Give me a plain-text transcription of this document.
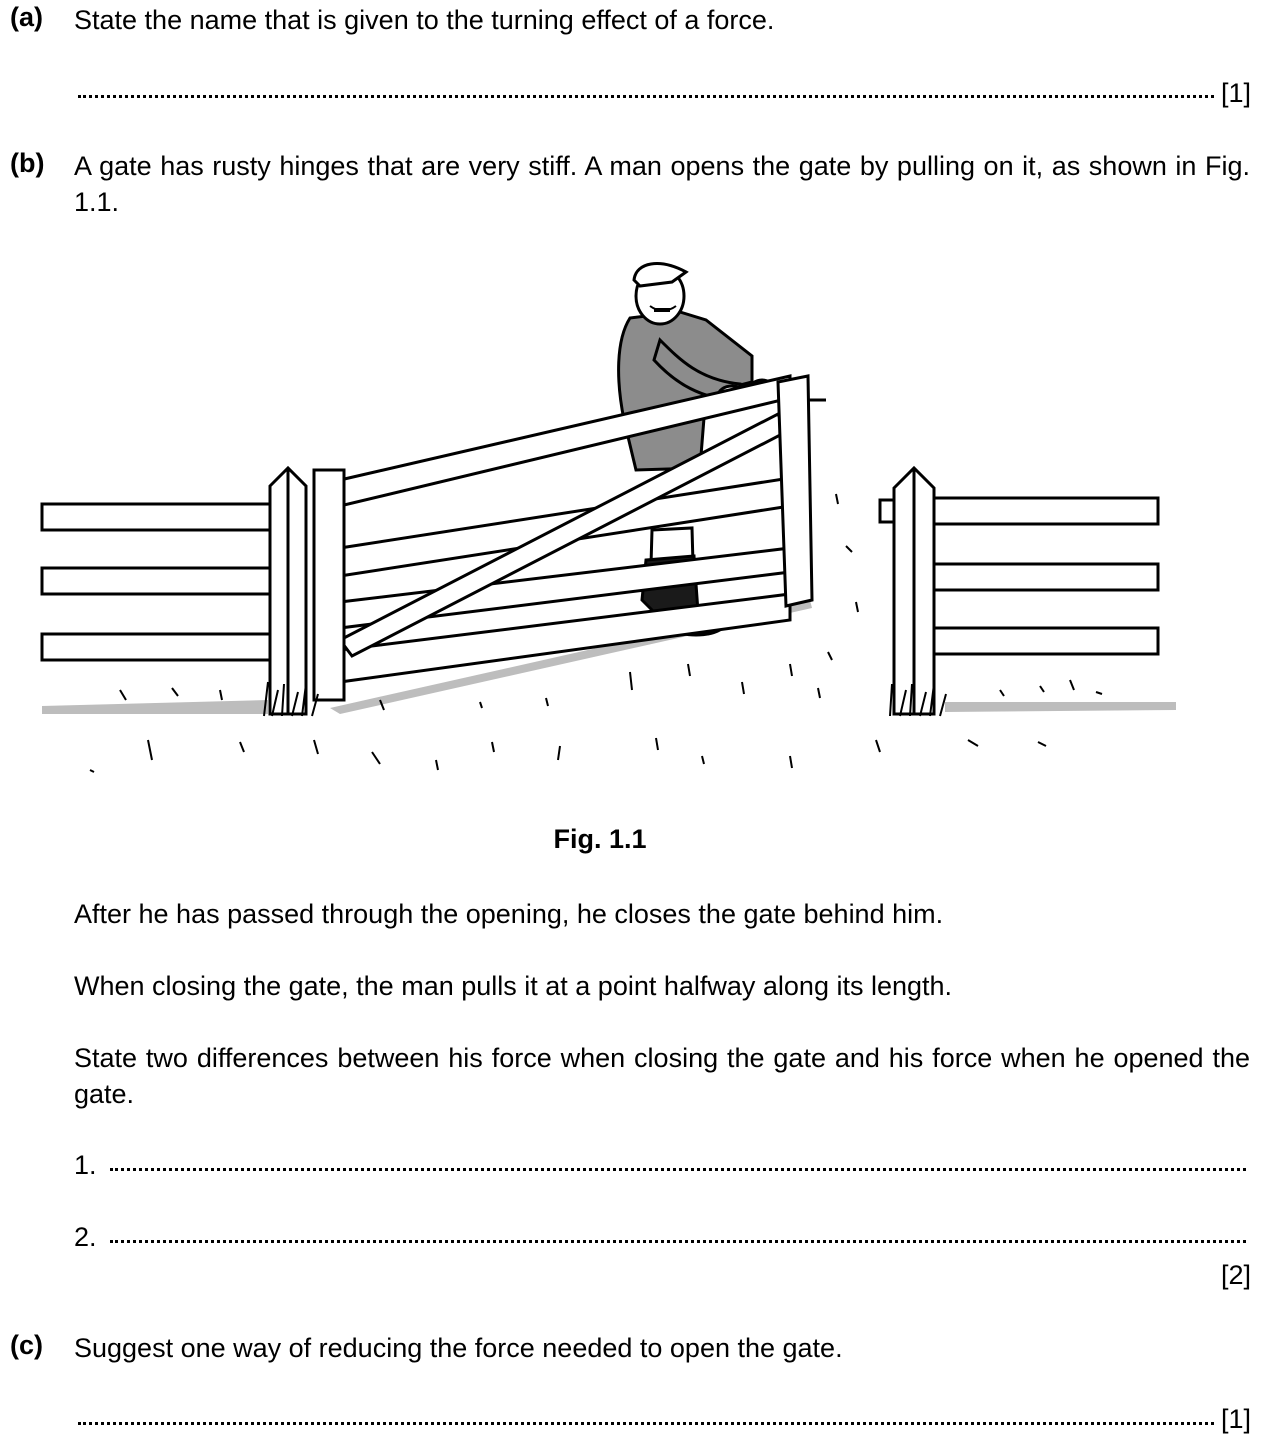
(a) State the name that is given to the turning effect of a force.
[1]
(b) A gate has rusty hinges that are very stiff. A man opens the gate by pulling on it, as shown in Fig. 1.1.
Fig. 1.1
After he has passed through the opening, he closes the gate behind him.
When closing the gate, the man pulls it at a point halfway along its length.
State two differences between his force when closing the gate and his force when he opened the gate.
1.
2.
[2]
(c) Suggest one way of reducing the force needed to open the gate.
[1]
